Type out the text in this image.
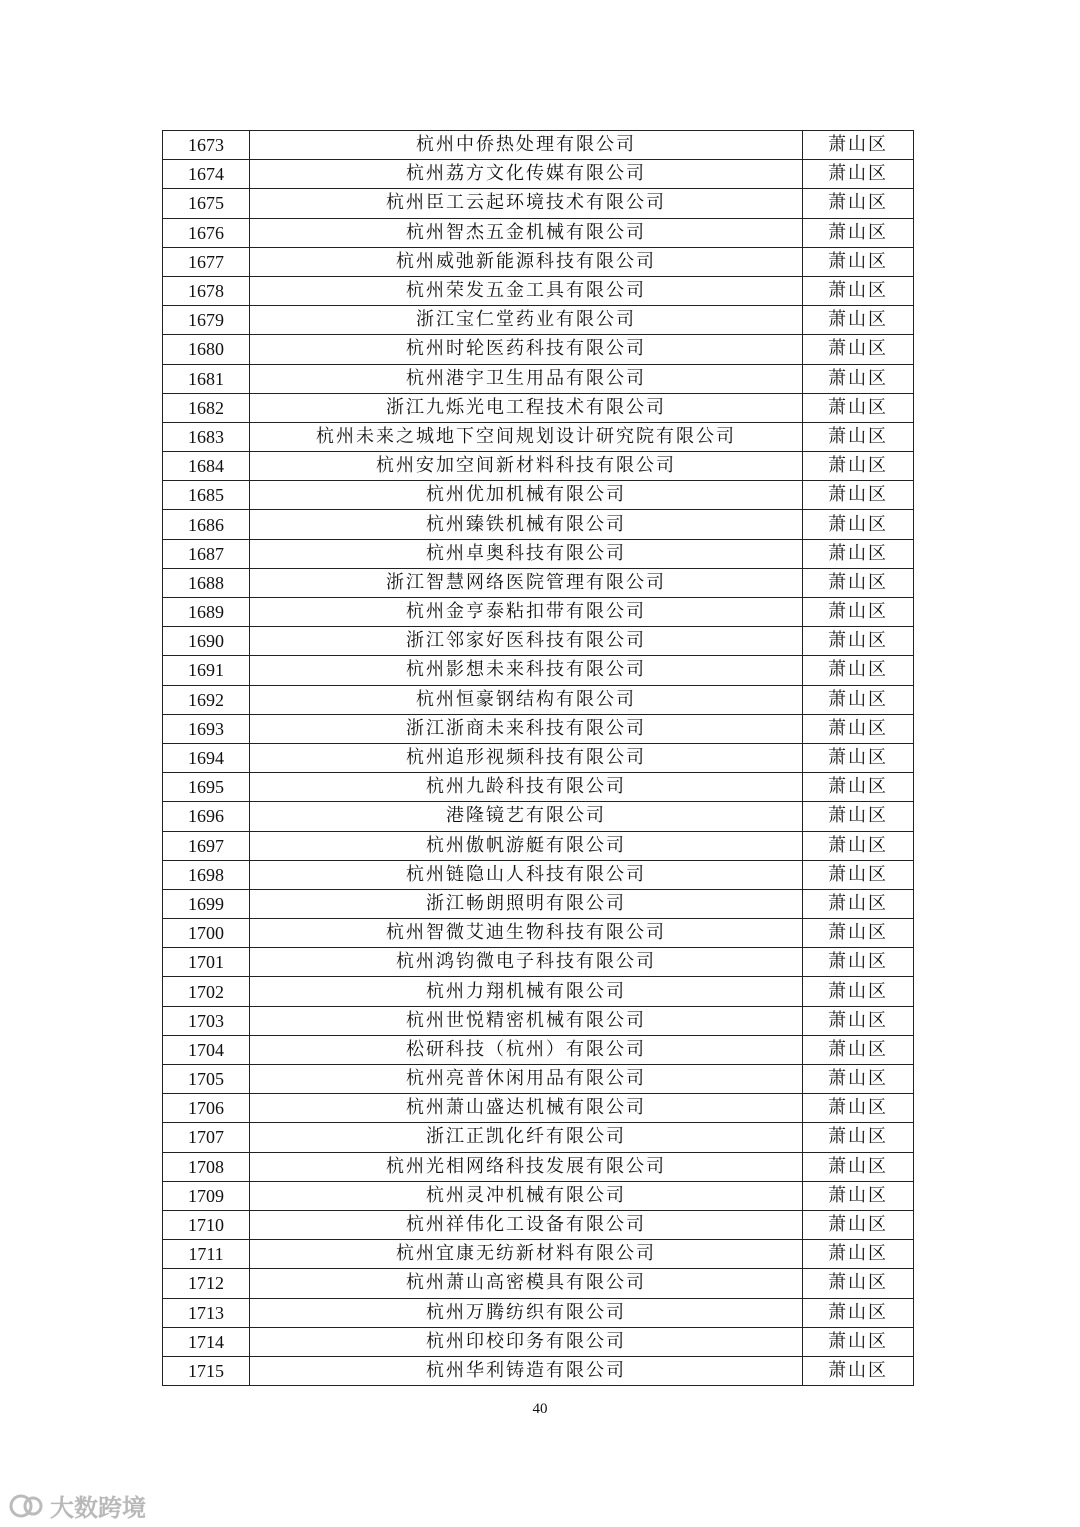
1673	杭州中侨热处理有限公司	萧山区
1674	杭州荔方文化传媒有限公司	萧山区
1675	杭州臣工云起环境技术有限公司	萧山区
1676	杭州智杰五金机械有限公司	萧山区
1677	杭州威弛新能源科技有限公司	萧山区
1678	杭州荣发五金工具有限公司	萧山区
1679	浙江宝仁堂药业有限公司	萧山区
1680	杭州时轮医药科技有限公司	萧山区
1681	杭州港宇卫生用品有限公司	萧山区
1682	浙江九烁光电工程技术有限公司	萧山区
1683	杭州未来之城地下空间规划设计研究院有限公司	萧山区
1684	杭州安加空间新材料科技有限公司	萧山区
1685	杭州优加机械有限公司	萧山区
1686	杭州臻铁机械有限公司	萧山区
1687	杭州卓奥科技有限公司	萧山区
1688	浙江智慧网络医院管理有限公司	萧山区
1689	杭州金亨泰粘扣带有限公司	萧山区
1690	浙江邻家好医科技有限公司	萧山区
1691	杭州影想未来科技有限公司	萧山区
1692	杭州恒豪钢结构有限公司	萧山区
1693	浙江浙商未来科技有限公司	萧山区
1694	杭州追形视频科技有限公司	萧山区
1695	杭州九龄科技有限公司	萧山区
1696	港隆镜艺有限公司	萧山区
1697	杭州傲帆游艇有限公司	萧山区
1698	杭州链隐山人科技有限公司	萧山区
1699	浙江畅朗照明有限公司	萧山区
1700	杭州智微艾迪生物科技有限公司	萧山区
1701	杭州鸿钧微电子科技有限公司	萧山区
1702	杭州力翔机械有限公司	萧山区
1703	杭州世悦精密机械有限公司	萧山区
1704	松研科技（杭州）有限公司	萧山区
1705	杭州亮普休闲用品有限公司	萧山区
1706	杭州萧山盛达机械有限公司	萧山区
1707	浙江正凯化纤有限公司	萧山区
1708	杭州光相网络科技发展有限公司	萧山区
1709	杭州灵冲机械有限公司	萧山区
1710	杭州祥伟化工设备有限公司	萧山区
1711	杭州宜康无纺新材料有限公司	萧山区
1712	杭州萧山高密模具有限公司	萧山区
1713	杭州万腾纺织有限公司	萧山区
1714	杭州印校印务有限公司	萧山区
1715	杭州华利铸造有限公司	萧山区
40
大数跨境
